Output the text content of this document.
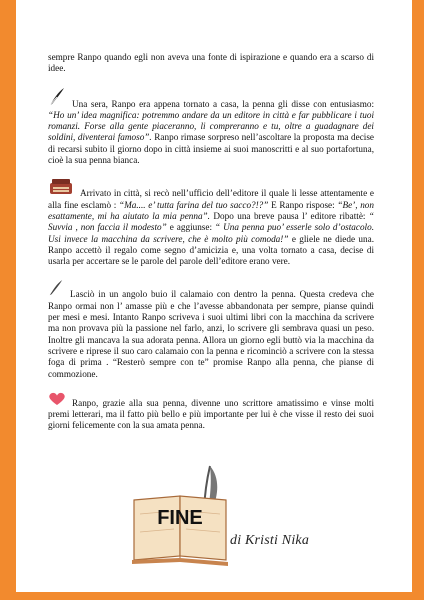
sempre Ranpo quando egli non aveva una fonte di ispirazione e quando era a scarso di idee.

Una sera, Ranpo era appena tornato a casa, la penna gli disse con entusiasmo: “Ho un’ idea magnifica: potremmo andare da un editore in città e far pubblicare i tuoi romanzi. Forse alla gente piaceranno, li compreranno e tu, oltre a guadagnare dei soldini, diventerai famoso”. Ranpo rimase sorpreso nell’ascoltare la proposta ma decise di recarsi subito il giorno dopo in città insieme ai suoi manoscritti e al suo portafortuna, cioè la sua penna bianca.

Arrivato in città, si recò nell’ufficio dell’editore il quale li lesse attentamente e alla fine esclamò : “Ma.... e’ tutta farina del tuo sacco?!?” E Ranpo rispose: “Be’, non esattamente, mi ha aiutato la mia penna”. Dopo una breve pausa l’ editore ribattè: “ Suvvia , non faccia il modesto” e aggiunse: “ Una penna puo’ esserle solo d’ostacolo. Usi invece la macchina da scrivere, che è molto più comoda!” e gliele ne diede una. Ranpo accettò il regalo come segno d’amicizia e, una volta tornato a casa, decise di usarla per accertare se le parole del parole dell’editore erano vere.

Lasciò in un angolo buio il calamaio con dentro la penna. Questa credeva che Ranpo ormai non l’ amasse più e che l’avesse abbandonata per sempre, pianse quindi per mesi e mesi. Intanto Ranpo scriveva i suoi ultimi libri con la macchina da scrivere ma non provava più la passione nel farlo, anzi, lo scrivere gli sembrava quasi un peso. Inoltre gli mancava la sua adorata penna. Allora un giorno egli buttò via la macchina da scrivere e riprese il suo caro calamaio con la penna e ricominciò a scrivere con la stessa foga di prima . “Resterò sempre con te” promise Ranpo alla penna, che pianse di commozione.

Ranpo, grazie alla sua penna, divenne uno scrittore amatissimo e vinse molti premi letterari, ma il fatto più bello e più importante per lui è che visse il resto dei suoi giorni felicemente con la sua amata penna.

FINE
di Kristi Nika
